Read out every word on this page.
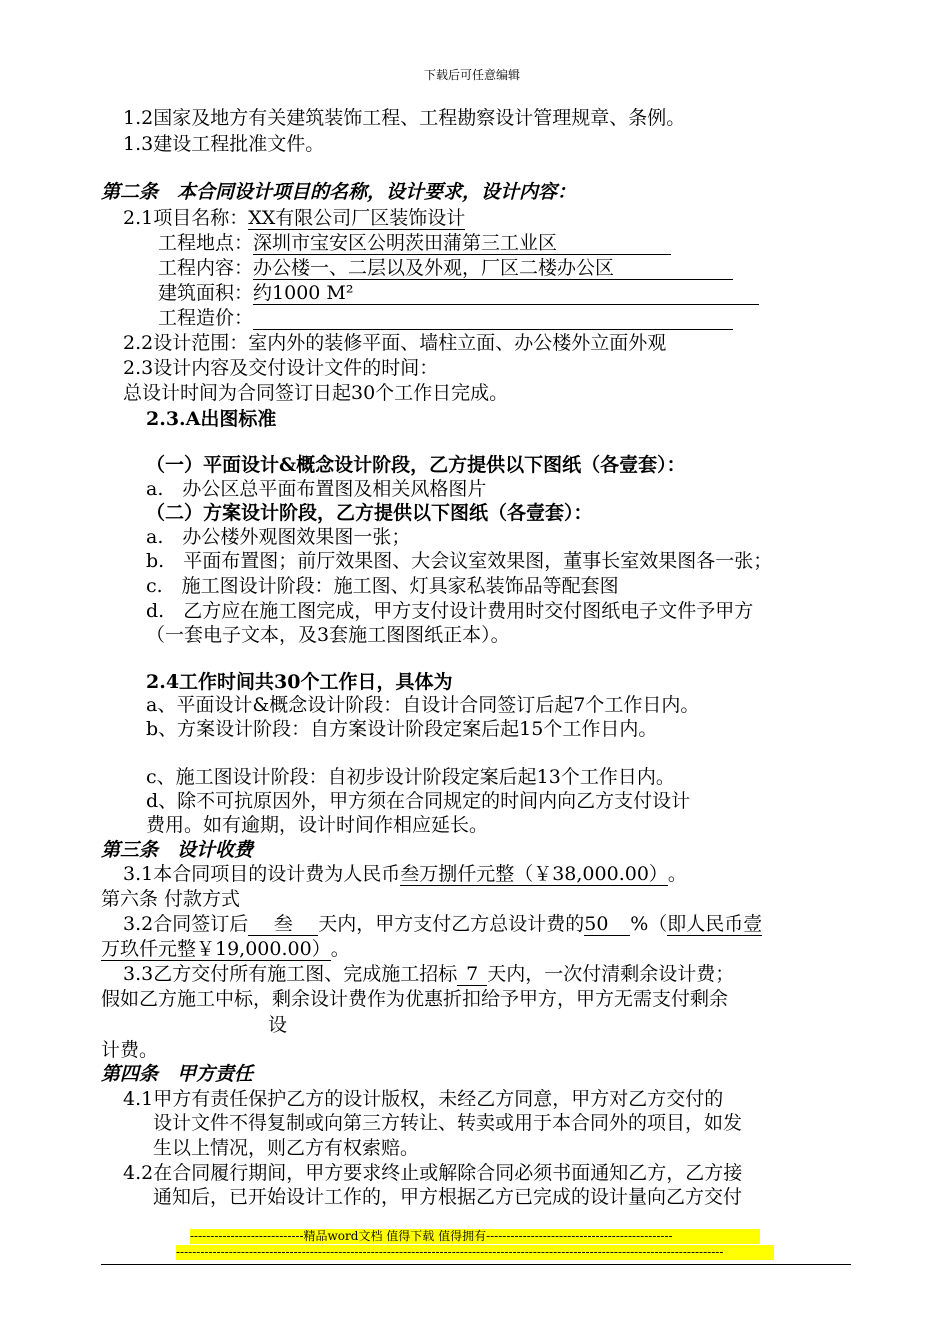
下载后可任意编辑
1.2国家及地方有关建筑装饰工程、工程勘察设计管理规章、条例。
1.3建设工程批准文件。
第二条　本合同设计项目的名称，设计要求，设计内容：
2.1项目名称：XX有限公司厂区装饰设计
工程地点：深圳市宝安区公明茨田蒲第三工业区
工程内容：办公楼一、二层以及外观，厂区二楼办公区
建筑面积：约1000 M²
工程造价：
2.2设计范围：室内外的装修平面、墙柱立面、办公楼外立面外观
2.3设计内容及交付设计文件的时间：
总设计时间为合同签订日起30个工作日完成。
2.3.A出图标准
（一）平面设计&概念设计阶段，乙方提供以下图纸（各壹套）：
a.　办公区总平面布置图及相关风格图片
（二）方案设计阶段，乙方提供以下图纸（各壹套）：
a.　办公楼外观图效果图一张；
b.　平面布置图；前厅效果图、大会议室效果图，董事长室效果图各一张；
c.　施工图设计阶段：施工图、灯具家私装饰品等配套图
d.　乙方应在施工图完成，甲方支付设计费用时交付图纸电子文件予甲方
（一套电子文本，及3套施工图图纸正本）。
2.4工作时间共30个工作日，具体为
a、平面设计&概念设计阶段：自设计合同签订后起7个工作日内。
b、方案设计阶段：自方案设计阶段定案后起15个工作日内。
c、施工图设计阶段：自初步设计阶段定案后起13个工作日内。
d、除不可抗原因外，甲方须在合同规定的时间内向乙方支付设计
费用。如有逾期，设计时间作相应延长。
第三条　设计收费
3.1本合同项目的设计费为人民币叁万捌仟元整（￥38,000.00）。
第六条 付款方式
3.2合同签订后 叁 天内，甲方支付乙方总设计费的50 %（即人民币壹
万玖仟元整￥19,000.00）。
3.3乙方交付所有施工图、完成施工招标 7 天内，一次付清剩余设计费；
假如乙方施工中标，剩余设计费作为优惠折扣给予甲方，甲方无需支付剩余
设
计费。
第四条　甲方责任
4.1甲方有责任保护乙方的设计版权，未经乙方同意，甲方对乙方交付的
设计文件不得复制或向第三方转让、转卖或用于本合同外的项目，如发
生以上情况，则乙方有权索赔。
4.2在合同履行期间，甲方要求终止或解除合同必须书面通知乙方，乙方接
通知后，已开始设计工作的，甲方根据乙方已完成的设计量向乙方交付
----------------------------精品word文档 值得下载 值得拥有----------------------------------------------
---------------------------------------------------------------------------------------------------------------------------------------
